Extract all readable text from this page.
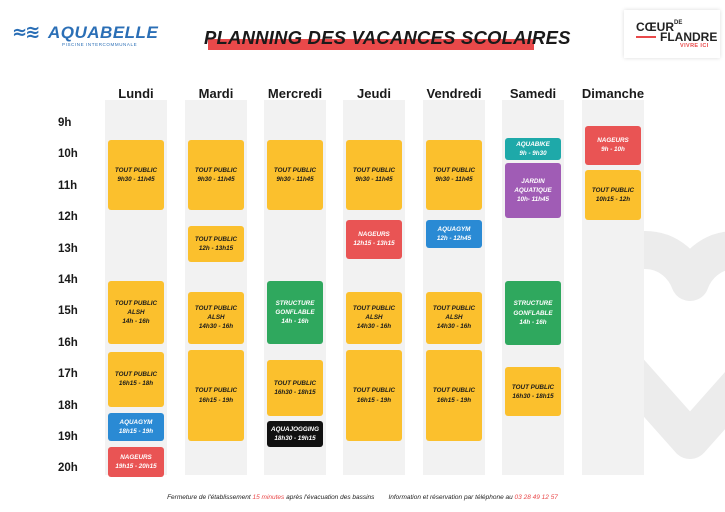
≈≋ AQUABELLE
PISCINE INTERCOMMUNALE	PLANNING DES VACANCES SCOLAIRES	$CŒUR^{DE}$
FLANDRE
VIVRE ICI
9h
10h
11h
12h
13h
14h
15h
16h
17h
18h
19h
20h
Lundi
TOUT PUBLIC
9h30 - 11h45
TOUT PUBLIC
ALSH
14h - 16h
TOUT PUBLIC
16h15 - 18h
AQUAGYM
18h15 - 19h
NAGEURS
19h15 - 20h15
Mardi
TOUT PUBLIC
9h30 - 11h45
TOUT PUBLIC
12h - 13h15
TOUT PUBLIC
ALSH
14h30 - 16h
TOUT PUBLIC
16h15 - 19h
Mercredi
TOUT PUBLIC
9h30 - 11h45
STRUCTURE
GONFLABLE
14h - 16h
TOUT PUBLIC
16h30 - 18h15
AQUAJOGGING
18h30 - 19h15
Jeudi
TOUT PUBLIC
9h30 - 11h45
NAGEURS
12h15 - 13h15
TOUT PUBLIC
ALSH
14h30 - 16h
TOUT PUBLIC
16h15 - 19h
Vendredi
TOUT PUBLIC
9h30 - 11h45
AQUAGYM
12h - 12h45
TOUT PUBLIC
ALSH
14h30 - 16h
TOUT PUBLIC
16h15 - 19h
Samedi
AQUABIKE
9h - 9h30
JARDIN
AQUATIQUE
10h- 11h45
STRUCTURE
GONFLABLE
14h - 16h
TOUT PUBLIC
16h30 - 18h15
Dimanche
NAGEURS
9h - 10h
TOUT PUBLIC
10h15 - 12h
Fermeture de l'établissement 15 minutes après l'évacuation des bassins Information et réservation par téléphone au 03 28 49 12 57
